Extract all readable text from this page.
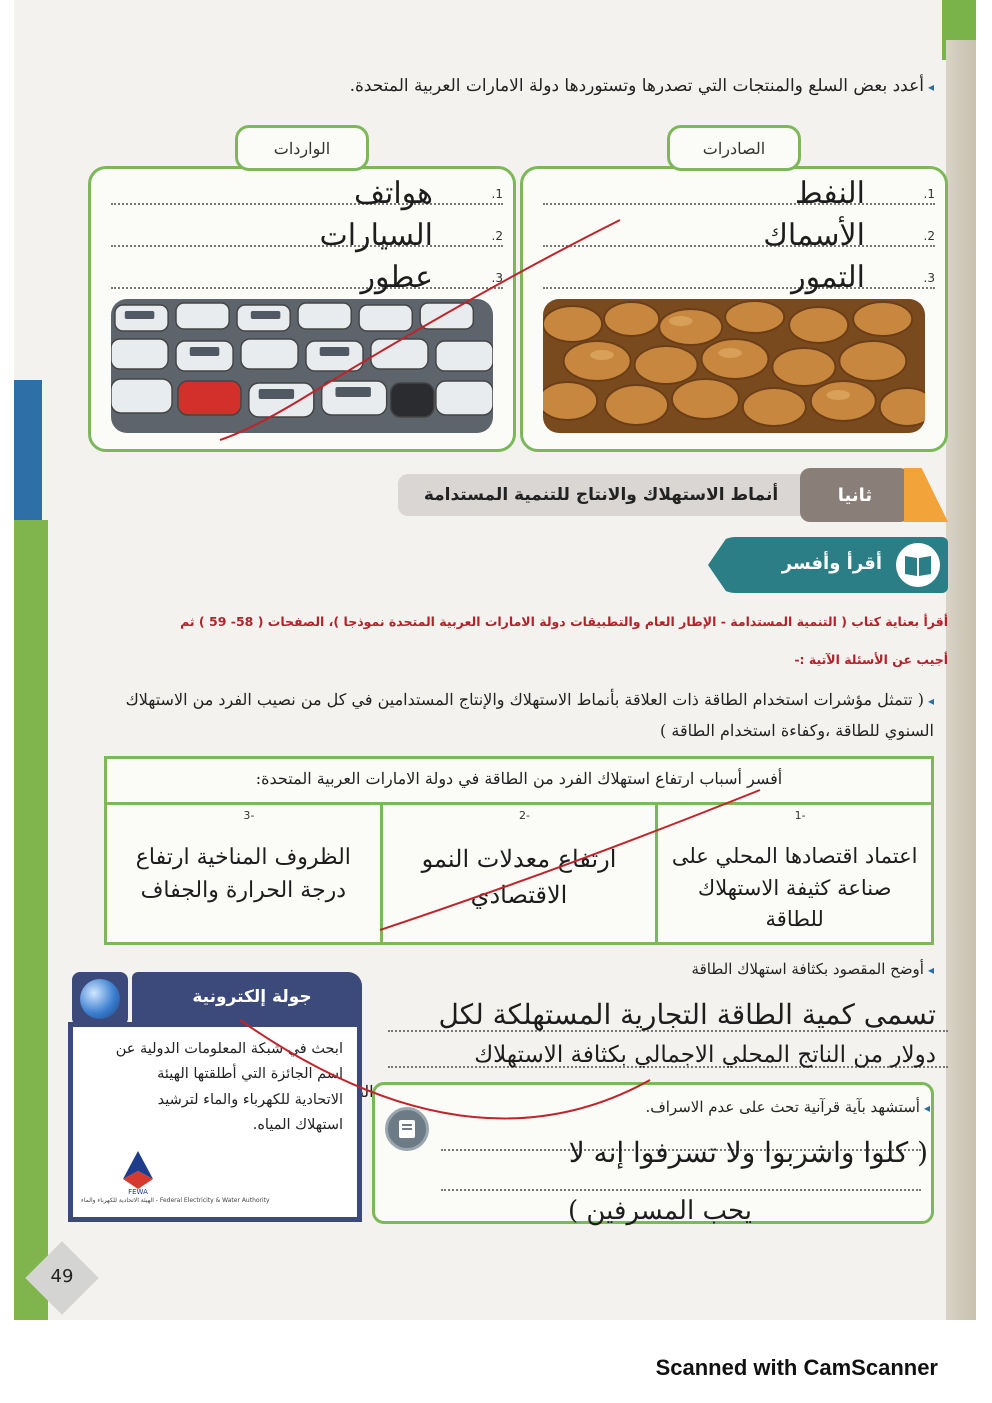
◂أعدد بعض السلع والمنتجات التي تصدرها وتستوردها دولة الامارات العربية المتحدة.
الصادرات
1.
النفط
2.
الأسماك
3.
التمور
الواردات
1.
هواتف
2.
السيارات
3.
عطور
أنماط الاستهلاك والانتاج للتنمية المستدامة	ثانيا
أقرأ وأفسر
أقرأ بعناية كتاب ( التنمية المستدامة - الإطار العام والتطبيقات دولة الامارات العربية المتحدة نموذجا )، الصفحات ( 58- 59 ) ثم
أجيب عن الأسئلة الآتية :-
◂( تتمثل مؤشرات استخدام الطاقة ذات العلاقة بأنماط الاستهلاك والإنتاج المستدامين في كل من نصيب الفرد من الاستهلاك السنوي للطاقة ،وكفاءة استخدام الطاقة )
أفسر أسباب ارتفاع استهلاك الفرد من الطاقة في دولة الامارات العربية المتحدة:

-1
اعتماد اقتصادها المحلي على صناعة كثيفة الاستهلاك للطاقة

-2
ارتفاع معدلات النمو الاقتصادي

-3
الظروف المناخية ارتفاع درجة الحرارة والجفاف
◂أوضح المقصود بكثافة استهلاك الطاقة
تسمى كمية الطاقة التجارية المستهلكة لكل
دولار من الناتج المحلي الاجمالي بكثافة الاستهلاك
جولة إلكترونية
ابحث في شبكة المعلومات الدولية عن اسم الجائزة التي أطلقتها الهيئة الاتحادية للكهرباء والماء لترشيد استهلاك المياه.
FEWA
الهيئة الاتحادية للكهرباء والماء - Federal Electricity & Water Authority
◂أستشهد بآية قرآنية تحث على عدم الاسراف.
( كلوا واشربوا ولا تسرفوا إنه لا
يحب المسرفين )
49
Scanned with CamScanner
